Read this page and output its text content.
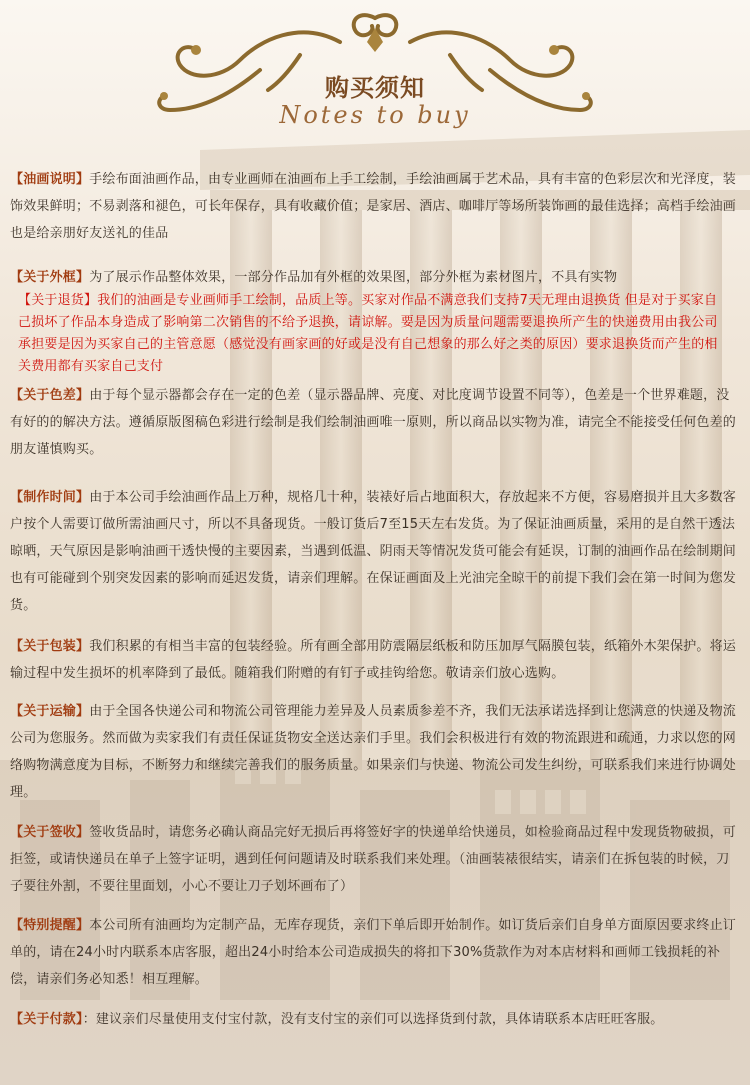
购买须知
Notes to buy
【油画说明】手绘布面油画作品，由专业画师在油画布上手工绘制，手绘油画属于艺术品，具有丰富的色彩层次和光泽度，装饰效果鲜明；不易剥落和褪色，可长年保存，具有收藏价值；是家居、酒店、咖啡厅等场所装饰画的最佳选择；高档手绘油画也是给亲朋好友送礼的佳品
【关于外框】为了展示作品整体效果，一部分作品加有外框的效果图，部分外框为素材图片，不具有实物
【关于退货】我们的油画是专业画师手工绘制，品质上等。买家对作品不满意我们支持7天无理由退换货 但是对于买家自己损坏了作品本身造成了影响第二次销售的不给予退换，请谅解。要是因为质量问题需要退换所产生的快递费用由我公司承担要是因为买家自己的主管意愿（感觉没有画家画的好或是没有自己想象的那么好之类的原因）要求退换货而产生的相关费用都有买家自己支付
【关于色差】由于每个显示器都会存在一定的色差（显示器品牌、亮度、对比度调节设置不同等），色差是一个世界难题，没有好的的解决方法。遵循原版图稿色彩进行绘制是我们绘制油画唯一原则，所以商品以实物为准，请完全不能接受任何色差的朋友谨慎购买。
【制作时间】由于本公司手绘油画作品上万种，规格几十种，装裱好后占地面积大，存放起来不方便，容易磨损并且大多数客户按个人需要订做所需油画尺寸，所以不具备现货。一般订货后7至15天左右发货。为了保证油画质量，采用的是自然干透法晾晒，天气原因是影响油画干透快慢的主要因素，当遇到低温、阴雨天等情况发货可能会有延误，订制的油画作品在绘制期间也有可能碰到个别突发因素的影响而延迟发货，请亲们理解。在保证画面及上光油完全晾干的前提下我们会在第一时间为您发货。
【关于包装】我们积累的有相当丰富的包装经验。所有画全部用防震隔层纸板和防压加厚气隔膜包装，纸箱外木架保护。将运输过程中发生损坏的机率降到了最低。随箱我们附赠的有钉子或挂钩给您。敬请亲们放心选购。
【关于运输】由于全国各快递公司和物流公司管理能力差异及人员素质参差不齐，我们无法承诺选择到让您满意的快递及物流公司为您服务。然而做为卖家我们有责任保证货物安全送达亲们手里。我们会积极进行有效的物流跟进和疏通，力求以您的网络购物满意度为目标，不断努力和继续完善我们的服务质量。如果亲们与快递、物流公司发生纠纷，可联系我们来进行协调处理。
【关于签收】签收货品时，请您务必确认商品完好无损后再将签好字的快递单给快递员，如检验商品过程中发现货物破损，可拒签，或请快递员在单子上签字证明，遇到任何问题请及时联系我们来处理。（油画装裱很结实，请亲们在拆包装的时候，刀子要往外割，不要往里面划，小心不要让刀子划坏画布了）
【特别提醒】本公司所有油画均为定制产品，无库存现货，亲们下单后即开始制作。如订货后亲们自身单方面原因要求终止订单的，请在24小时内联系本店客服，超出24小时给本公司造成损失的将扣下30%货款作为对本店材料和画师工钱损耗的补偿，请亲们务必知悉！相互理解。
【关于付款】：建议亲们尽量使用支付宝付款，没有支付宝的亲们可以选择货到付款，具体请联系本店旺旺客服。
